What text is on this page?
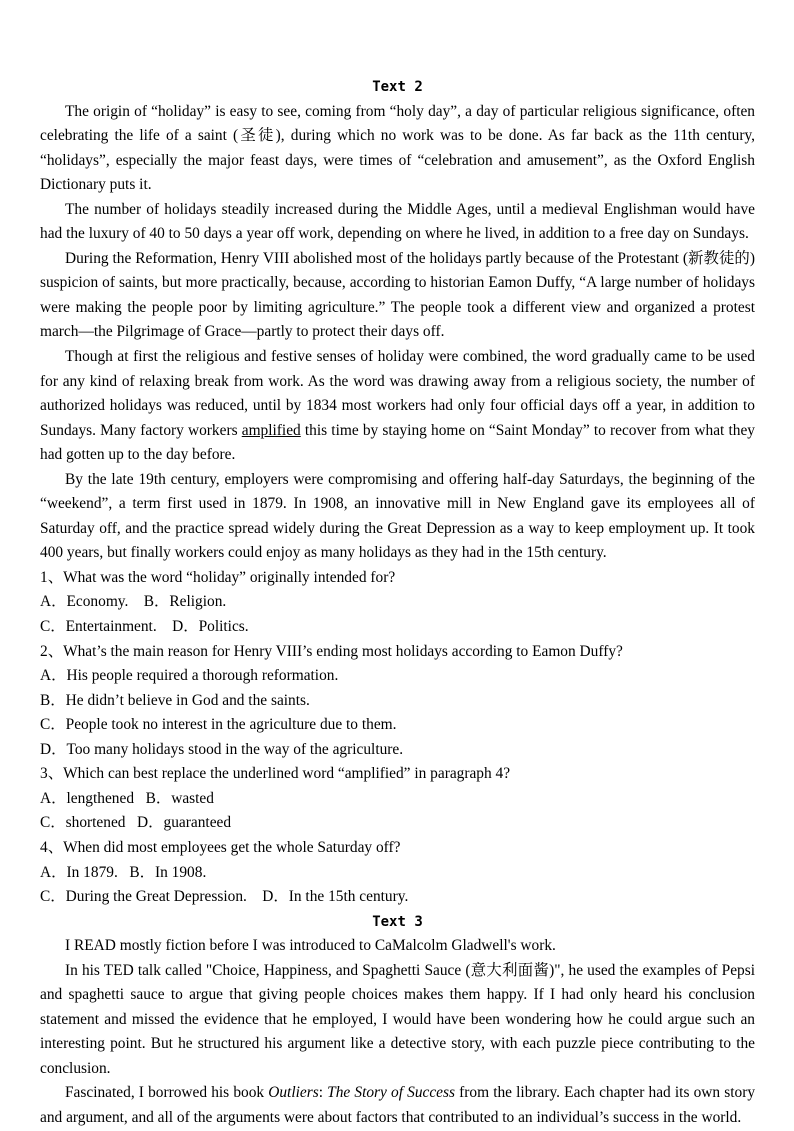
Text 2
The origin of “holiday” is easy to see, coming from “holy day”, a day of particular religious significance, often celebrating the life of a saint (圣徒), during which no work was to be done. As far back as the 11th century, “holidays”, especially the major feast days, were times of “celebration and amusement”, as the Oxford English Dictionary puts it.
The number of holidays steadily increased during the Middle Ages, until a medieval Englishman would have had the luxury of 40 to 50 days a year off work, depending on where he lived, in addition to a free day on Sundays.
During the Reformation, Henry VIII abolished most of the holidays partly because of the Protestant (新教徒的) suspicion of saints, but more practically, because, according to historian Eamon Duffy, “A large number of holidays were making the people poor by limiting agriculture.” The people took a different view and organized a protest march—the Pilgrimage of Grace—partly to protect their days off.
Though at first the religious and festive senses of holiday were combined, the word gradually came to be used for any kind of relaxing break from work. As the word was drawing away from a religious society, the number of authorized holidays was reduced, until by 1834 most workers had only four official days off a year, in addition to Sundays. Many factory workers amplified this time by staying home on “Saint Monday” to recover from what they had gotten up to the day before.
By the late 19th century, employers were compromising and offering half-day Saturdays, the beginning of the “weekend”, a term first used in 1879. In 1908, an innovative mill in New England gave its employees all of Saturday off, and the practice spread widely during the Great Depression as a way to keep employment up. It took 400 years, but finally workers could enjoy as many holidays as they had in the 15th century.
1、What was the word “holiday” originally intended for?
A．Economy.    B．Religion.
C．Entertainment.    D．Politics.
2、What’s the main reason for Henry VIII’s ending most holidays according to Eamon Duffy?
A．His people required a thorough reformation.
B．He didn’t believe in God and the saints.
C．People took no interest in the agriculture due to them.
D．Too many holidays stood in the way of the agriculture.
3、Which can best replace the underlined word “amplified” in paragraph 4?
A．lengthened   B．wasted
C．shortened   D．guaranteed
4、When did most employees get the whole Saturday off?
A．In 1879.   B．In 1908.
C．During the Great Depression.    D．In the 15th century.
Text 3
I READ mostly fiction before I was introduced to CaMalcolm Gladwell's work.
In his TED talk called "Choice, Happiness, and Spaghetti Sauce (意大利面酱)", he used the examples of Pepsi and spaghetti sauce to argue that giving people choices makes them happy. If I had only heard his conclusion statement and missed the evidence that he employed, I would have been wondering how he could argue such an interesting point. But he structured his argument like a detective story, with each puzzle piece contributing to the conclusion.
Fascinated, I borrowed his book Outliers: The Story of Success from the library. Each chapter had its own story and argument, and all of the arguments were about factors that contributed to an individual’s success in the world.
